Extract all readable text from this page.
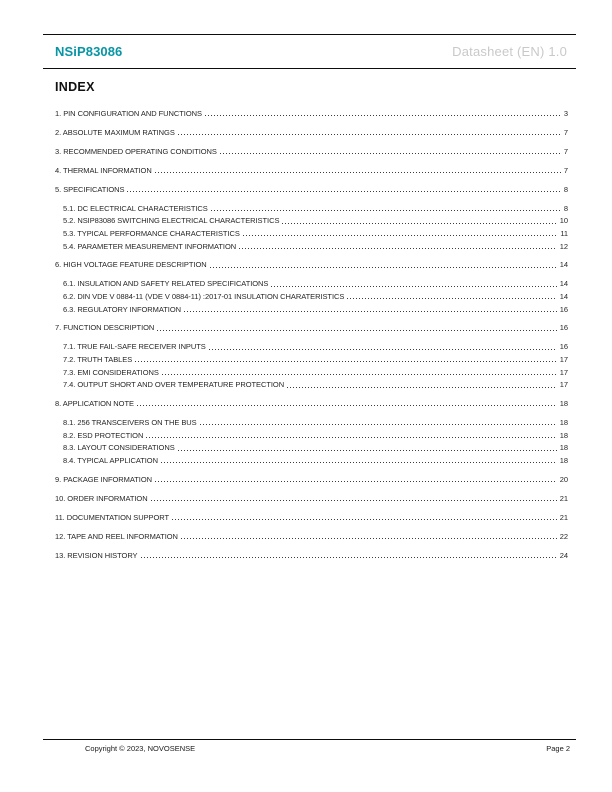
NSiP83086	Datasheet (EN) 1.0
INDEX
1. PIN CONFIGURATION AND FUNCTIONS	3
2. ABSOLUTE MAXIMUM RATINGS	7
3. RECOMMENDED OPERATING CONDITIONS	7
4. THERMAL INFORMATION	7
5. SPECIFICATIONS	8
5.1. DC ELECTRICAL CHARACTERISTICS	8
5.2. NSIP83086 SWITCHING ELECTRICAL CHARACTERISTICS	10
5.3. TYPICAL PERFORMANCE CHARACTERISTICS	11
5.4. PARAMETER MEASUREMENT INFORMATION	12
6. HIGH VOLTAGE FEATURE DESCRIPTION	14
6.1. INSULATION AND SAFETY RELATED SPECIFICATIONS	14
6.2. DIN VDE V 0884-11 (VDE V 0884-11) :2017-01 INSULATION CHARATERISTICS	14
6.3. REGULATORY INFORMATION	16
7. FUNCTION DESCRIPTION	16
7.1. TRUE FAIL-SAFE RECEIVER INPUTS	16
7.2. TRUTH TABLES	17
7.3. EMI CONSIDERATIONS	17
7.4. OUTPUT SHORT AND OVER TEMPERATURE PROTECTION	17
8. APPLICATION NOTE	18
8.1. 256 TRANSCEIVERS ON THE BUS	18
8.2. ESD PROTECTION	18
8.3. LAYOUT CONSIDERATIONS	18
8.4. TYPICAL APPLICATION	18
9. PACKAGE INFORMATION	20
10. ORDER INFORMATION	21
11. DOCUMENTATION SUPPORT	21
12. TAPE AND REEL INFORMATION	22
13. REVISION HISTORY	24
Copyright © 2023, NOVOSENSE	Page 2
